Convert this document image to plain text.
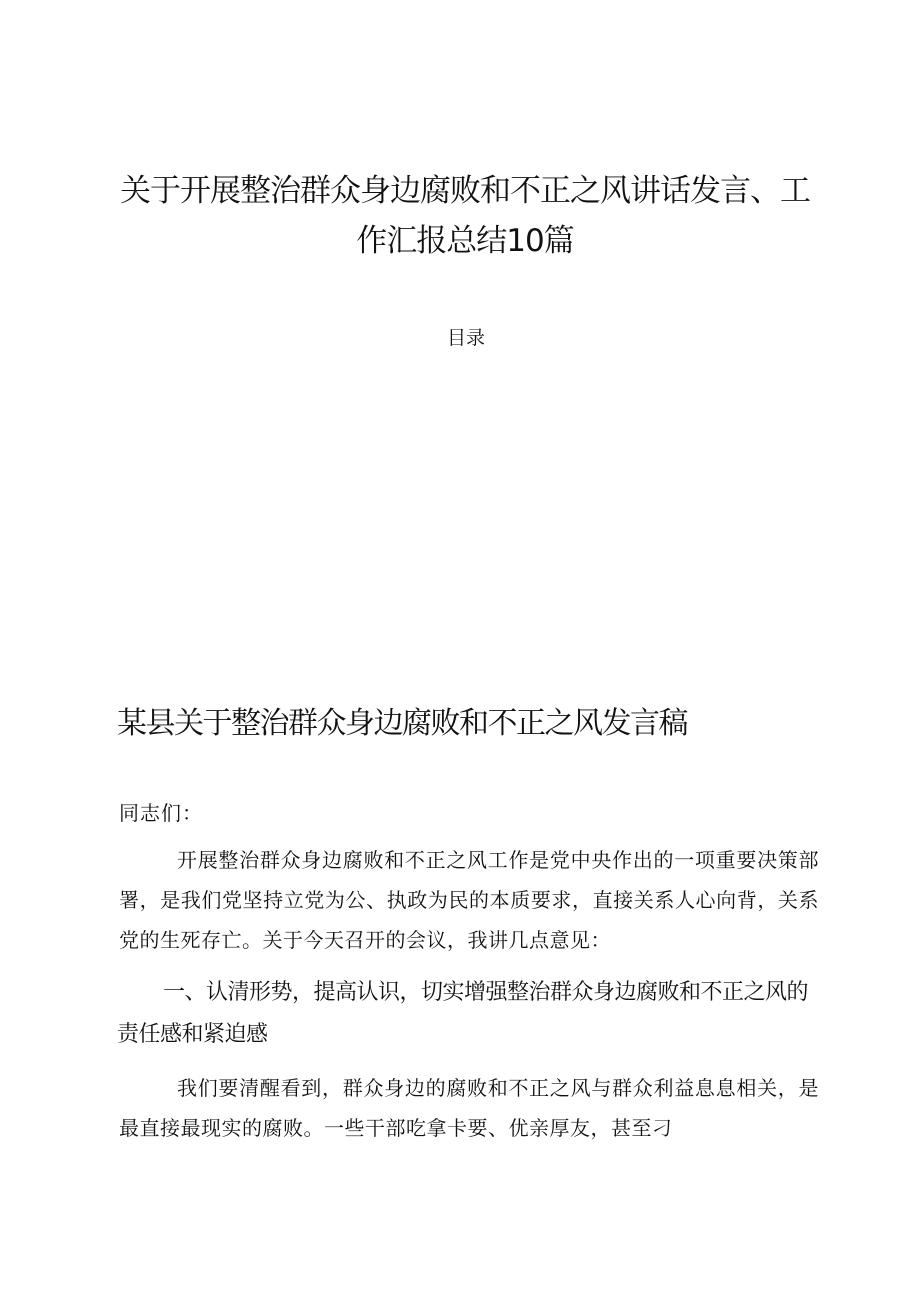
关于开展整治群众身边腐败和不正之风讲话发言、工作汇报总结10篇
目录
某县关于整治群众身边腐败和不正之风发言稿
同志们：

开展整治群众身边腐败和不正之风工作是党中央作出的一项重要决策部署，是我们党坚持立党为公、执政为民的本质要求，直接关系人心向背，关系党的生死存亡。关于今天召开的会议，我讲几点意见：

一、认清形势，提高认识，切实增强整治群众身边腐败和不正之风的责任感和紧迫感

我们要清醒看到，群众身边的腐败和不正之风与群众利益息息相关，是最直接最现实的腐败。一些干部吃拿卡要、优亲厚友，甚至刁
